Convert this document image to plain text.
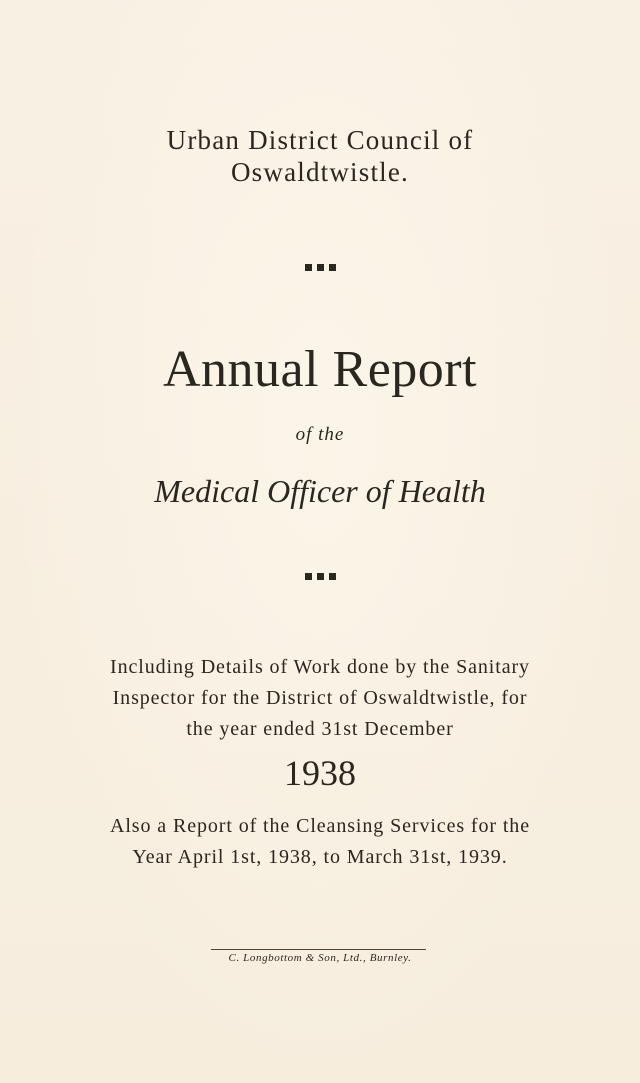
Urban District Council of
Oswaldtwistle.
Annual Report
of the
Medical Officer of Health
Including Details of Work done by the Sanitary
Inspector for the District of Oswaldtwistle, for
the year ended 31st December
1938
Also a Report of the Cleansing Services for the
Year April 1st, 1938, to March 31st, 1939.
C. Longbottom & Son, Ltd., Burnley.
